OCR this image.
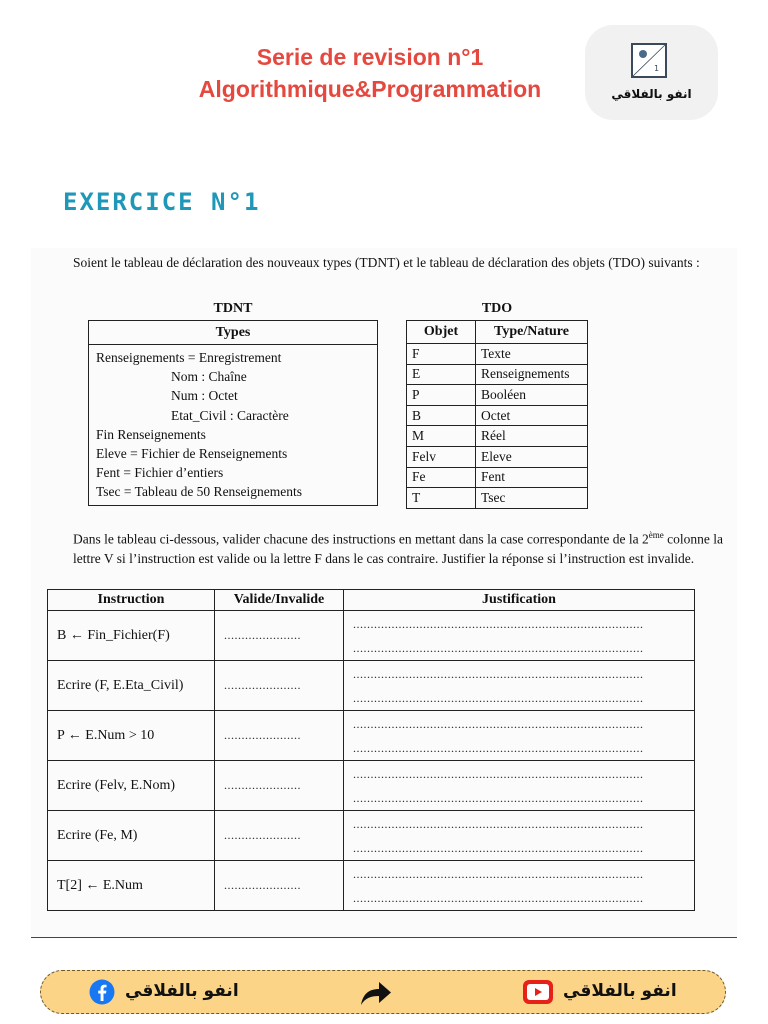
Serie de revision n°1
Algorithmique&Programmation
1
انفو بالفلاقي
EXERCICE N°1
Soient le tableau de déclaration des nouveaux types (TDNT) et le tableau de déclaration des objets (TDO) suivants :
TDNT	TDO
Types
Renseignements = Enregistrement
Nom : Chaîne
Num : Octet
Etat_Civil : Caractère
Fin Renseignements
Eleve = Fichier de Renseignements
Fent = Fichier d’entiers
Tsec = Tableau de 50 Renseignements
Objet	Type/Nature
F	Texte
E	Renseignements
P	Booléen
B	Octet
M	Réel
Felv	Eleve
Fe	Fent
T	Tsec
Dans le tableau ci-dessous, valider chacune des instructions en mettant dans la case correspondante de la 2ème colonne la lettre V si l’instruction est valide ou la lettre F dans le cas contraire. Justifier la réponse si l’instruction est invalide.
Instruction	Valide/Invalide	Justification
B ← Fin_Fichier(F)	......................	...................................................................................
...................................................................................

Ecrire (F, E.Eta_Civil)	......................	...................................................................................
...................................................................................

P ← E.Num > 10	......................	...................................................................................
...................................................................................

Ecrire (Felv, E.Nom)	......................	...................................................................................
...................................................................................

Ecrire (Fe, M)	......................	...................................................................................
...................................................................................

T[2] ← E.Num	......................	...................................................................................
...................................................................................
انفو بالفلاقي	انفو بالفلاقي
